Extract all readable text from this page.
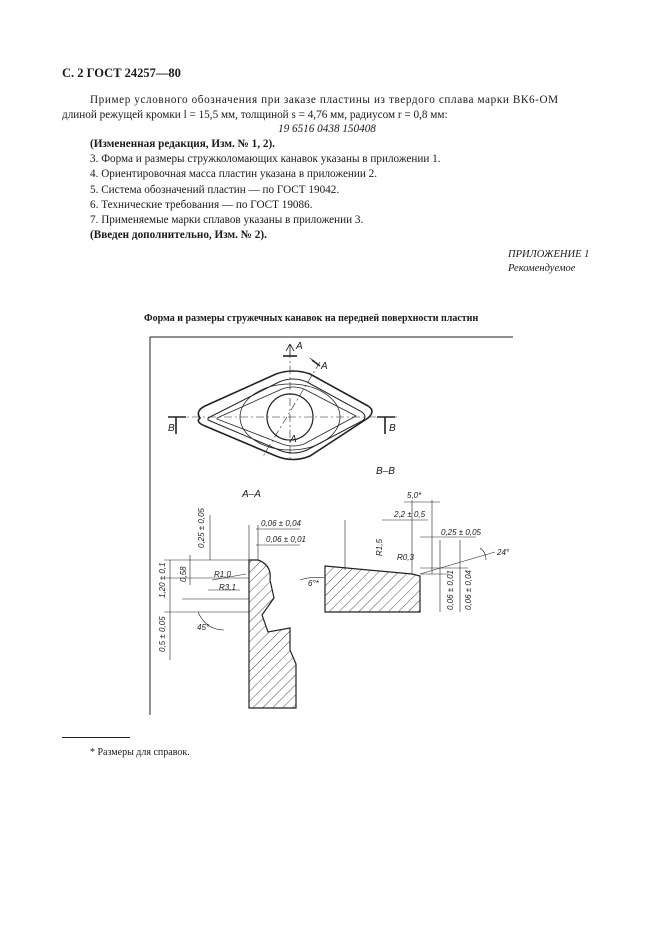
С. 2 ГОСТ 24257—80
Пример условного обозначения при заказе пластины из твердого сплава марки ВК6-ОМ
длиной режущей кромки l = 15,5 мм, толщиной s = 4,76 мм, радиусом r = 0,8 мм:
19 6516 0438 150408
(Измененная редакция, Изм. № 1, 2).
3. Форма и размеры стружколомающих канавок указаны в приложении 1.
4. Ориентировочная масса пластин указана в приложении 2.
5. Система обозначений пластин — по ГОСТ 19042.
6. Технические требования — по ГОСТ 19086.
7. Применяемые марки сплавов указаны в приложении 3.
(Введен дополнительно, Изм. № 2).
ПРИЛОЖЕНИЕ 1
Рекомендуемое
Форма и размеры стружечных канавок на передней поверхности пластин
A
A
A
B	B
A–A
B–B
0,06 ± 0,04
0,06 ± 0,01
0,25 ± 0,05
0,58	R1,0
R3,1
1,20 ± 0,1
45°
0,5 ± 0,05
5,0*
2,2 ± 0,5
R1,5
R0,3
0,25 ± 0,05
24°
0,06 ± 0,01 0,06 ± 0,04
6°*
* Размеры для справок.
